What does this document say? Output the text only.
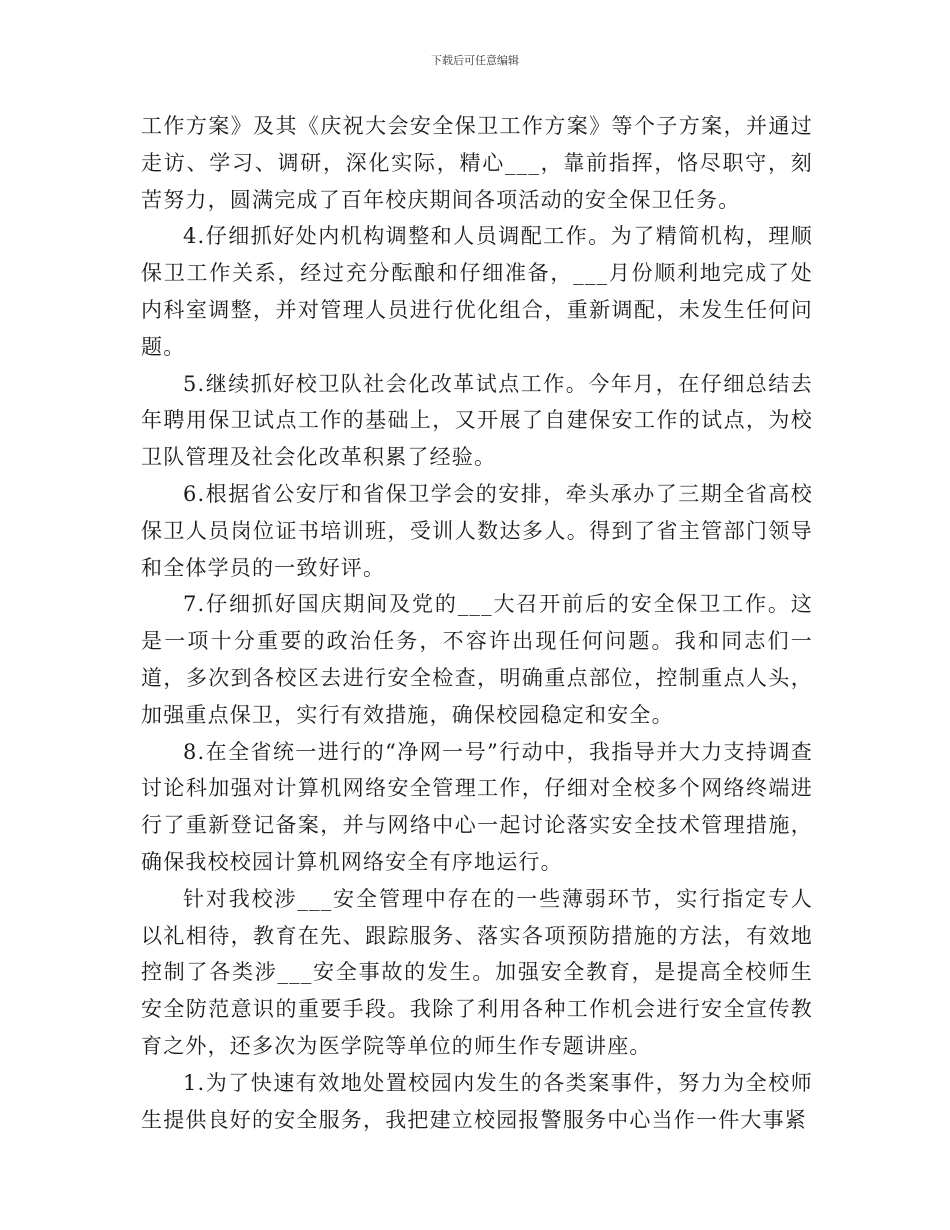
下载后可任意编辑

工作方案》及其《庆祝大会安全保卫工作方案》等个子方案，并通过走访、学习、调研，深化实际，精心___，靠前指挥，恪尽职守，刻苦努力，圆满完成了百年校庆期间各项活动的安全保卫任务。

4.仔细抓好处内机构调整和人员调配工作。为了精简机构，理顺保卫工作关系，经过充分酝酿和仔细准备，___月份顺利地完成了处内科室调整，并对管理人员进行优化组合，重新调配，未发生任何问题。

5.继续抓好校卫队社会化改革试点工作。今年月，在仔细总结去年聘用保卫试点工作的基础上，又开展了自建保安工作的试点，为校卫队管理及社会化改革积累了经验。

6.根据省公安厅和省保卫学会的安排，牵头承办了三期全省高校保卫人员岗位证书培训班，受训人数达多人。得到了省主管部门领导和全体学员的一致好评。

7.仔细抓好国庆期间及党的___大召开前后的安全保卫工作。这是一项十分重要的政治任务，不容许出现任何问题。我和同志们一道，多次到各校区去进行安全检查，明确重点部位，控制重点人头，加强重点保卫，实行有效措施，确保校园稳定和安全。

8.在全省统一进行的“净网一号”行动中，我指导并大力支持调查讨论科加强对计算机网络安全管理工作，仔细对全校多个网络终端进行了重新登记备案，并与网络中心一起讨论落实安全技术管理措施，确保我校校园计算机网络安全有序地运行。

针对我校涉___安全管理中存在的一些薄弱环节，实行指定专人以礼相待，教育在先、跟踪服务、落实各项预防措施的方法，有效地控制了各类涉___安全事故的发生。加强安全教育，是提高全校师生安全防范意识的重要手段。我除了利用各种工作机会进行安全宣传教育之外，还多次为医学院等单位的师生作专题讲座。

1.为了快速有效地处置校园内发生的各类案事件，努力为全校师生提供良好的安全服务，我把建立校园报警服务中心当作一件大事紧
